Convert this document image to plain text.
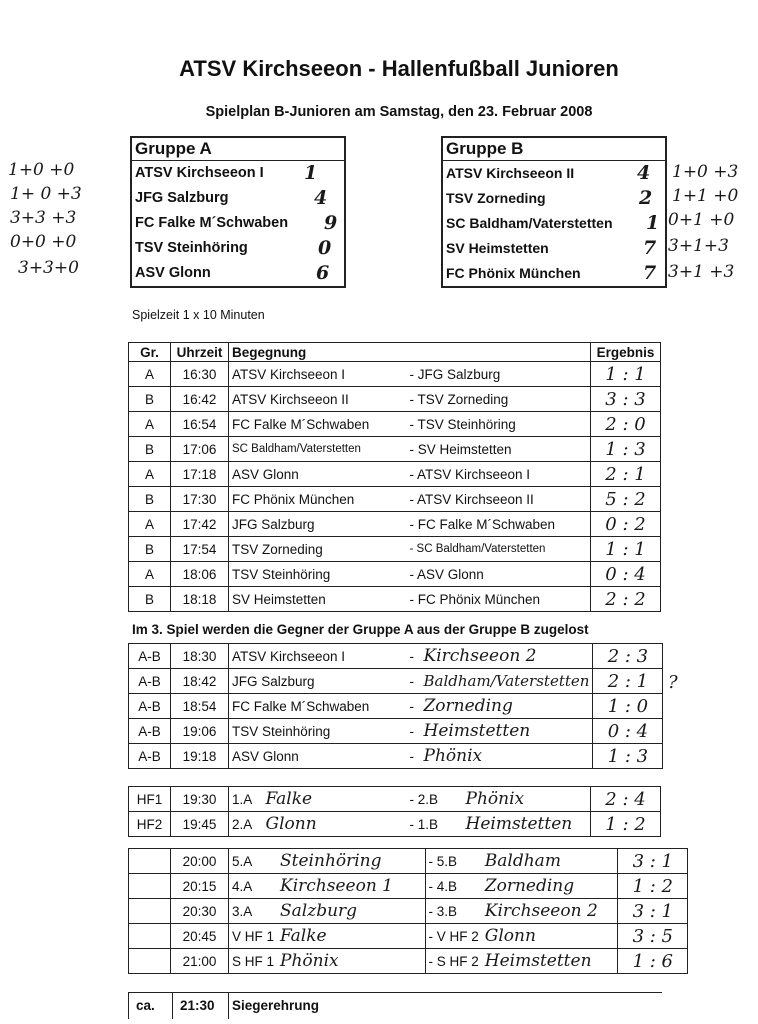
ATSV Kirchseeon - Hallenfußball Junioren
Spielplan B-Junioren am Samstag, den 23. Februar 2008
Gruppe A
ATSV Kirchseeon I 1
JFG Salzburg	4
FC Falke M´Schwaben 9
TSV Steinhöring	0
ASV Glonn	6
1+0 +0
1+ 0 +3
3+3 +3
0+0 +0
3+3+0
Gruppe B
ATSV Kirchseeon II	4
TSV Zorneding	2
SC Baldham/Vaterstetten 1
SV Heimstetten	7
FC Phönix München	7
1+0 +3
1+1 +0
0+1 +0
3+1+3
3+1 +3
Spielzeit 1 x 10 Minuten
Gr.	Uhrzeit	Begegnung		Ergebnis
A	16:30	ATSV Kirchseeon I	- JFG Salzburg	1 : 1
B	16:42	ATSV Kirchseeon II	- TSV Zorneding	3 : 3
A	16:54	FC Falke M´Schwaben	- TSV Steinhöring	2 : 0
B	17:06	SC Baldham/Vaterstetten	- SV Heimstetten	1 : 3
A	17:18	ASV Glonn	- ATSV Kirchseeon I	2 : 1
B	17:30	FC Phönix München	- ATSV Kirchseeon II	5 : 2
A	17:42	JFG Salzburg	- FC Falke M´Schwaben	0 : 2
B	17:54	TSV Zorneding	- SC Baldham/Vaterstetten	1 : 1
A	18:06	TSV Steinhöring	- ASV Glonn	0 : 4
B	18:18	SV Heimstetten	- FC Phönix München	2 : 2
Im 3. Spiel werden die Gegner der Gruppe A aus der Gruppe B zugelost
A-B	18:30	ATSV Kirchseeon I	-	Kirchseeon 2	2 : 3
A-B	18:42	JFG Salzburg	-	Baldham/Vaterstetten	2 : 1
A-B	18:54	FC Falke M´Schwaben	-	Zorneding	1 : 0
A-B	19:06	TSV Steinhöring	-	Heimstetten	0 : 4
A-B	19:18	ASV Glonn	-	Phönix	1 : 3
?
HF1	19:30	1.A	Falke	- 2.B	Phönix	2 : 4
HF2	19:45	2.A	Glonn	- 1.B	Heimstetten	1 : 2
	20:00	5.A	Steinhöring	- 5.B	Baldham	3 : 1
	20:15	4.A	Kirchseeon 1	- 4.B	Zorneding	1 : 2
	20:30	3.A	Salzburg	- 3.B	Kirchseeon 2	3 : 1
	20:45	V HF 1	Falke	- V HF 2	Glonn	3 : 5
	21:00	S HF 1	Phönix	- S HF 2	Heimstetten	1 : 6
ca. 21:30 Siegerehrung
